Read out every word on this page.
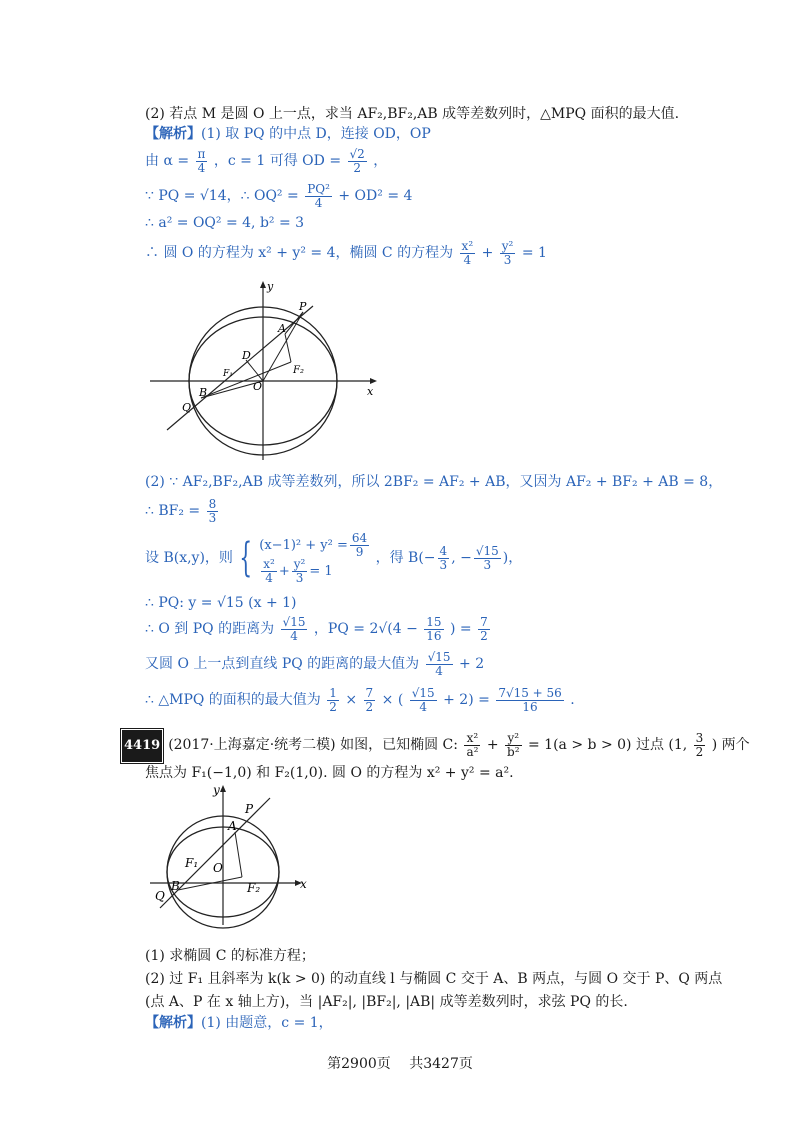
(2) 若点 M 是圆 O 上一点，求当 AF₂,BF₂,AB 成等差数列时，△MPQ 面积的最大值.
【解析】(1) 取 PQ 的中点 D，连接 OD，OP
由 $\alpha = \frac{\pi}{4}$ ，c = 1 可得 OD = $\frac{√2}{2}$ ，
∵ PQ = √14，∴ $OQ^2 = \frac{\text{PQ²}}{4} + OD^2 = 4$
∴ a² = OQ² = 4, b² = 3
∴ 圆 O 的方程为 x² + y² = 4，椭圆 C 的方程为 $\frac{\text{x²}}{4} + \frac{\text{y²}}{3} = 1$
y
x
P
A
D
F₁	F₂
O
B
Q
(2) ∵ AF₂,BF₂,AB 成等差数列，所以 2BF₂ = AF₂ + AB，又因为 AF₂ + BF₂ + AB = 8，
∴ $BF_2 = \frac{8}{3}$
设 B(x,y)，则 { $(x-1)^2 + y^2 = \frac{64}{9}$
$\frac{\text{x²}}{4} + \frac{\text{y²}}{3} = 1$
，得 $B(- \frac{4}{3}$ , − $\frac{√15}{3}$ )，
∴ PQ: y = √15 (x + 1)
∴ O 到 PQ 的距离为 $\frac{√15}{4}$ ，PQ = $2√(4 - \frac{15}{16}$ ) = $\frac{7}{2}$
又圆 O 上一点到直线 PQ 的距离的最大值为 $\frac{√15}{4} + 2$
∴ △MPQ 的面积的最大值为 $\frac{1}{2} \times \frac{7}{2}$ × ( $\frac{√15}{4} + 2) = \frac{7√15 + 56}{16}$ .
4419 (2017·上海嘉定·统考二模) 如图，已知椭圆 C: $\frac{\text{x²}}{\text{a²}} + \frac{\text{y²}}{\text{b²}} = 1(a > b > 0)$ 过点 (1, $\frac{3}{2}$ ) 两个
焦点为 F₁(−1,0) 和 F₂(1,0). 圆 O 的方程为 x² + y² = a².
y
x
P
A
F₁ O
F₂
B
Q
(1) 求椭圆 C 的标准方程；
(2) 过 F₁ 且斜率为 k(k > 0) 的动直线 l 与椭圆 C 交于 A、B 两点，与圆 O 交于 P、Q 两点
(点 A、P 在 x 轴上方)，当 |AF₂|, |BF₂|, |AB| 成等差数列时，求弦 PQ 的长.
【解析】(1) 由题意，c = 1，
第2900页　 共3427页
